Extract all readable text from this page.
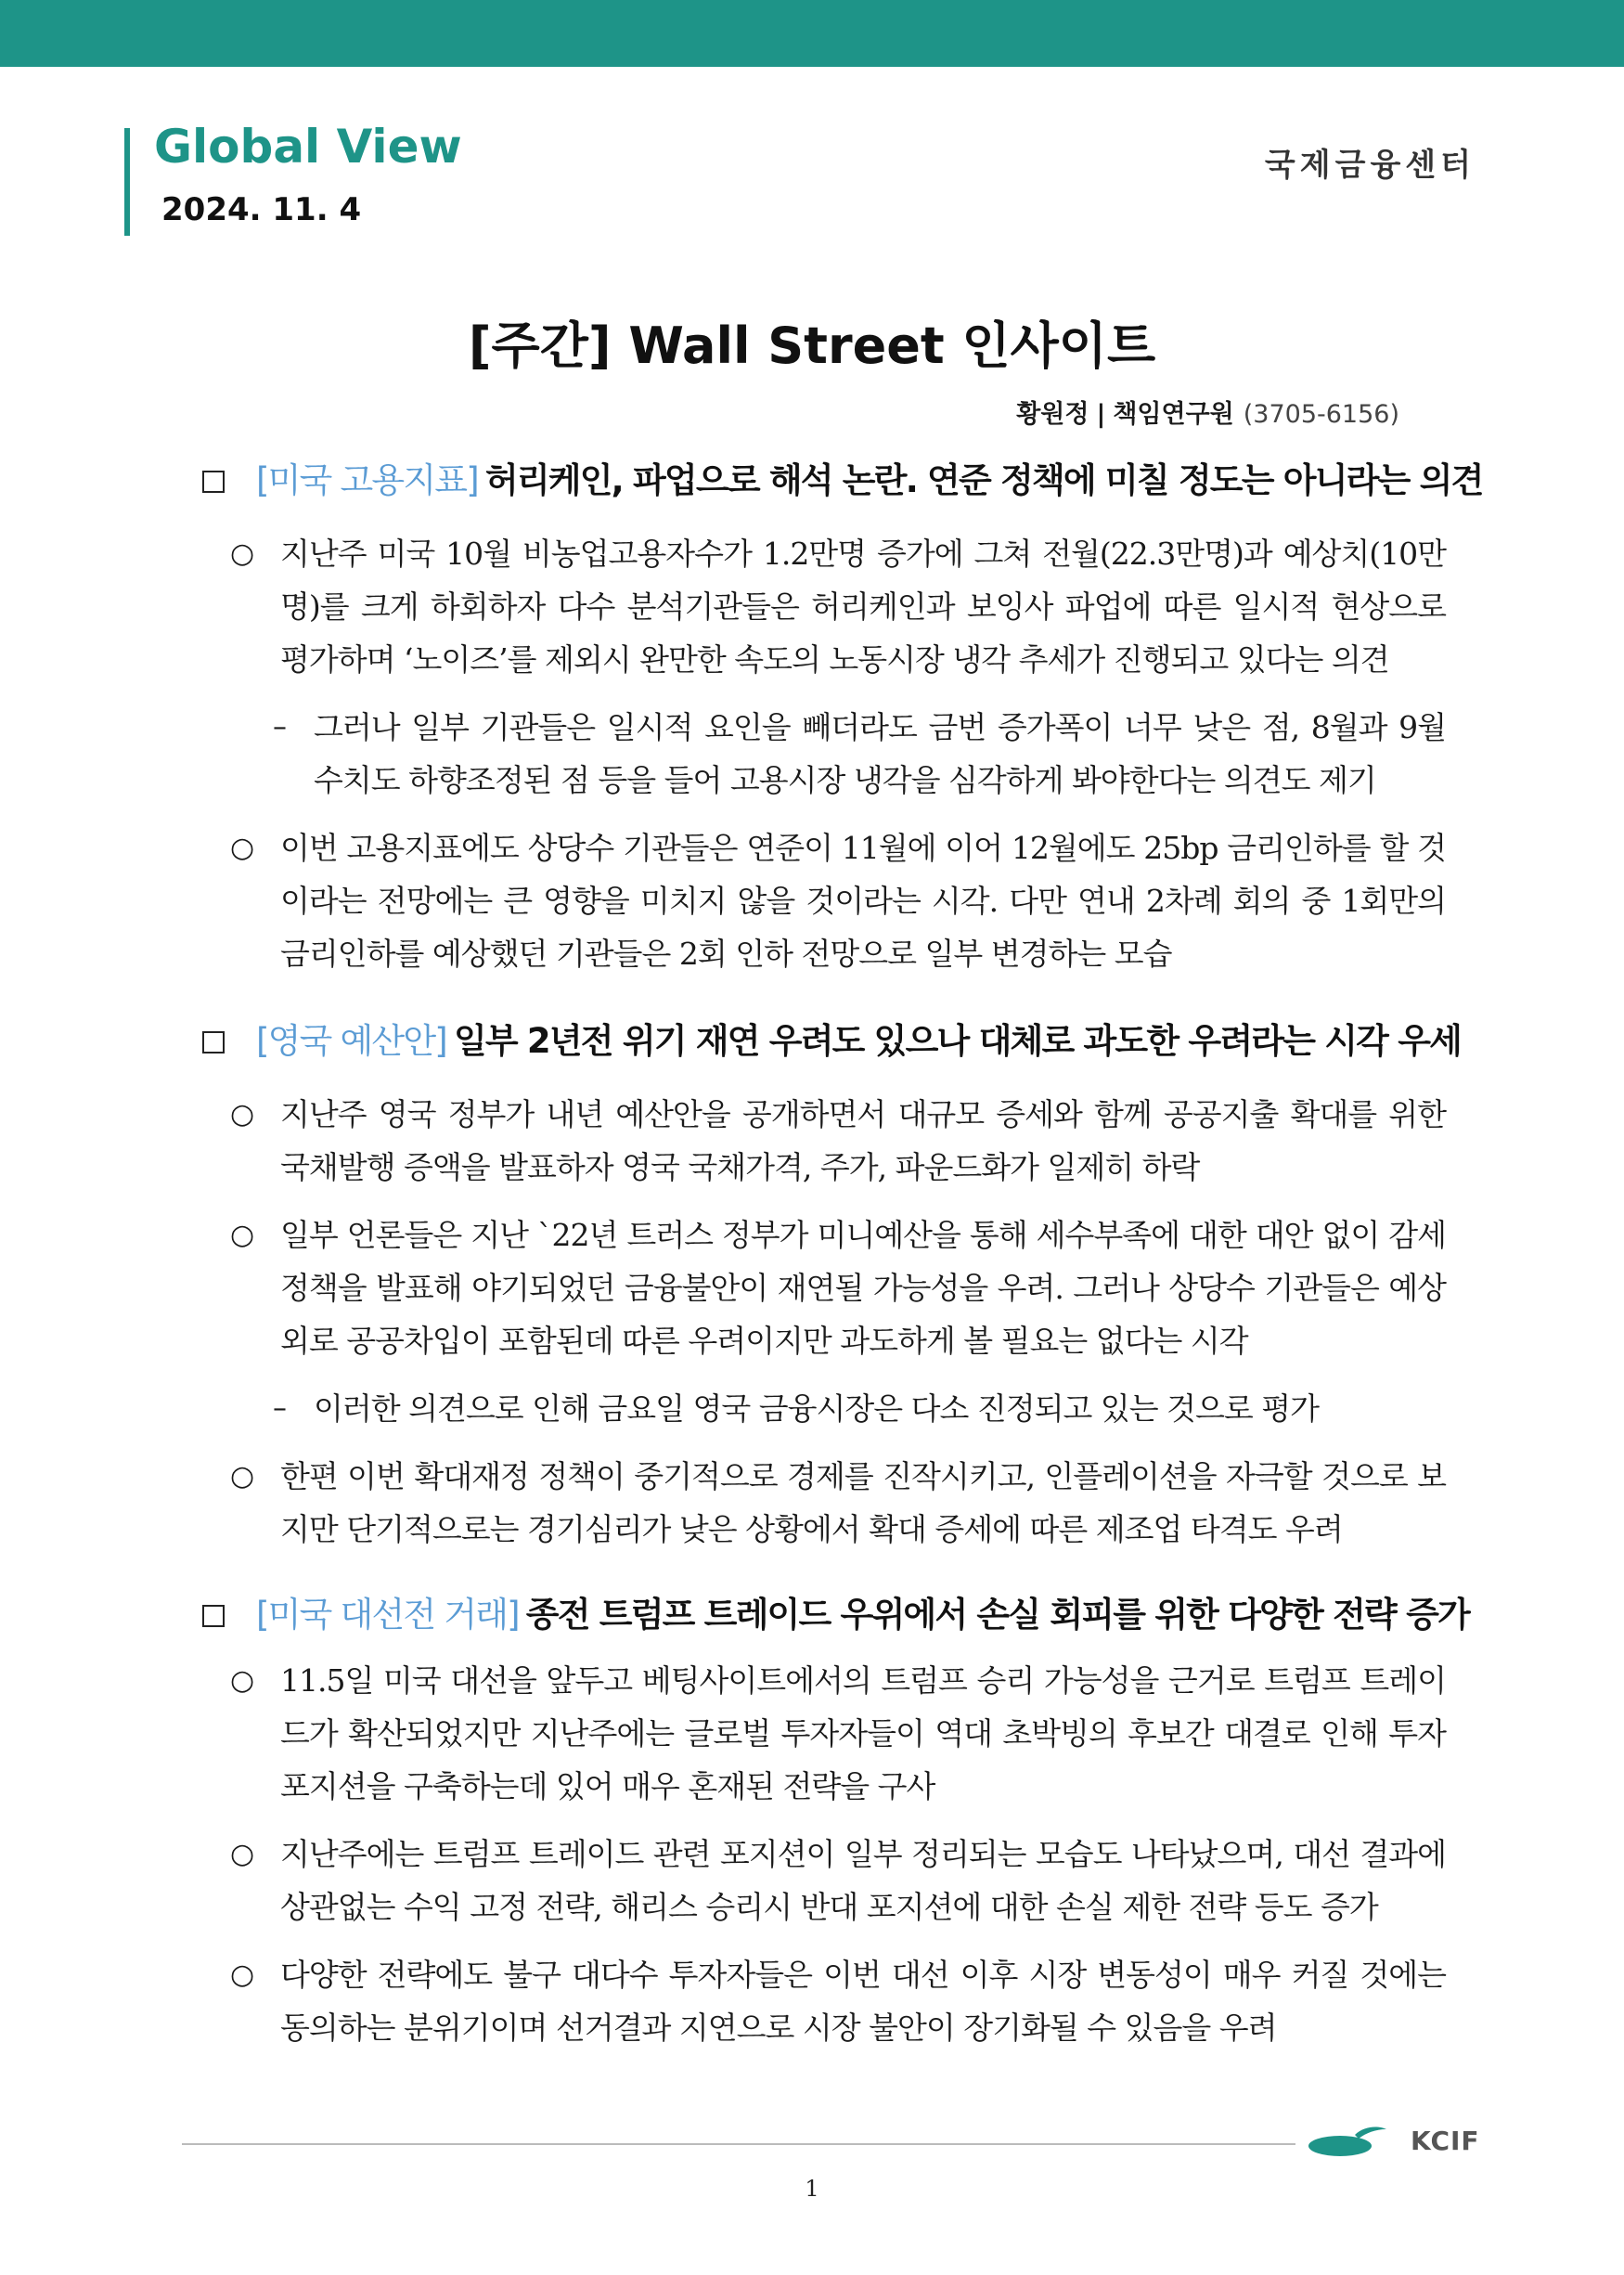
Global View
2024. 11. 4
국제금융센터
[주간] Wall Street 인사이트
황원정 | 책임연구원 (3705-6156)
[미국 고용지표] 허리케인, 파업으로 해석 논란. 연준 정책에 미칠 정도는 아니라는 의견
○ 지난주 미국 10월 비농업고용자수가 1.2만명 증가에 그쳐 전월(22.3만명)과 예상치(10만명)를 크게 하회하자 다수 분석기관들은 허리케인과 보잉사 파업에 따른 일시적 현상으로 평가하며 ‘노이즈’를 제외시 완만한 속도의 노동시장 냉각 추세가 진행되고 있다는 의견
– 그러나 일부 기관들은 일시적 요인을 빼더라도 금번 증가폭이 너무 낮은 점, 8월과 9월 수치도 하향조정된 점 등을 들어 고용시장 냉각을 심각하게 봐야한다는 의견도 제기
○ 이번 고용지표에도 상당수 기관들은 연준이 11월에 이어 12월에도 25bp 금리인하를 할 것이라는 전망에는 큰 영향을 미치지 않을 것이라는 시각. 다만 연내 2차례 회의 중 1회만의 금리인하를 예상했던 기관들은 2회 인하 전망으로 일부 변경하는 모습
[영국 예산안] 일부 2년전 위기 재연 우려도 있으나 대체로 과도한 우려라는 시각 우세
○ 지난주 영국 정부가 내년 예산안을 공개하면서 대규모 증세와 함께 공공지출 확대를 위한 국채발행 증액을 발표하자 영국 국채가격, 주가, 파운드화가 일제히 하락
○ 일부 언론들은 지난 `22년 트러스 정부가 미니예산을 통해 세수부족에 대한 대안 없이 감세정책을 발표해 야기되었던 금융불안이 재연될 가능성을 우려. 그러나 상당수 기관들은 예상 외로 공공차입이 포함된데 따른 우려이지만 과도하게 볼 필요는 없다는 시각
– 이러한 의견으로 인해 금요일 영국 금융시장은 다소 진정되고 있는 것으로 평가
○ 한편 이번 확대재정 정책이 중기적으로 경제를 진작시키고, 인플레이션을 자극할 것으로 보지만 단기적으로는 경기심리가 낮은 상황에서 확대 증세에 따른 제조업 타격도 우려
[미국 대선전 거래] 종전 트럼프 트레이드 우위에서 손실 회피를 위한 다양한 전략 증가
○ 11.5일 미국 대선을 앞두고 베팅사이트에서의 트럼프 승리 가능성을 근거로 트럼프 트레이드가 확산되었지만 지난주에는 글로벌 투자자들이 역대 초박빙의 후보간 대결로 인해 투자 포지션을 구축하는데 있어 매우 혼재된 전략을 구사
○ 지난주에는 트럼프 트레이드 관련 포지션이 일부 정리되는 모습도 나타났으며, 대선 결과에 상관없는 수익 고정 전략, 해리스 승리시 반대 포지션에 대한 손실 제한 전략 등도 증가
○ 다양한 전략에도 불구 대다수 투자자들은 이번 대선 이후 시장 변동성이 매우 커질 것에는 동의하는 분위기이며 선거결과 지연으로 시장 불안이 장기화될 수 있음을 우려
KCIF
1
